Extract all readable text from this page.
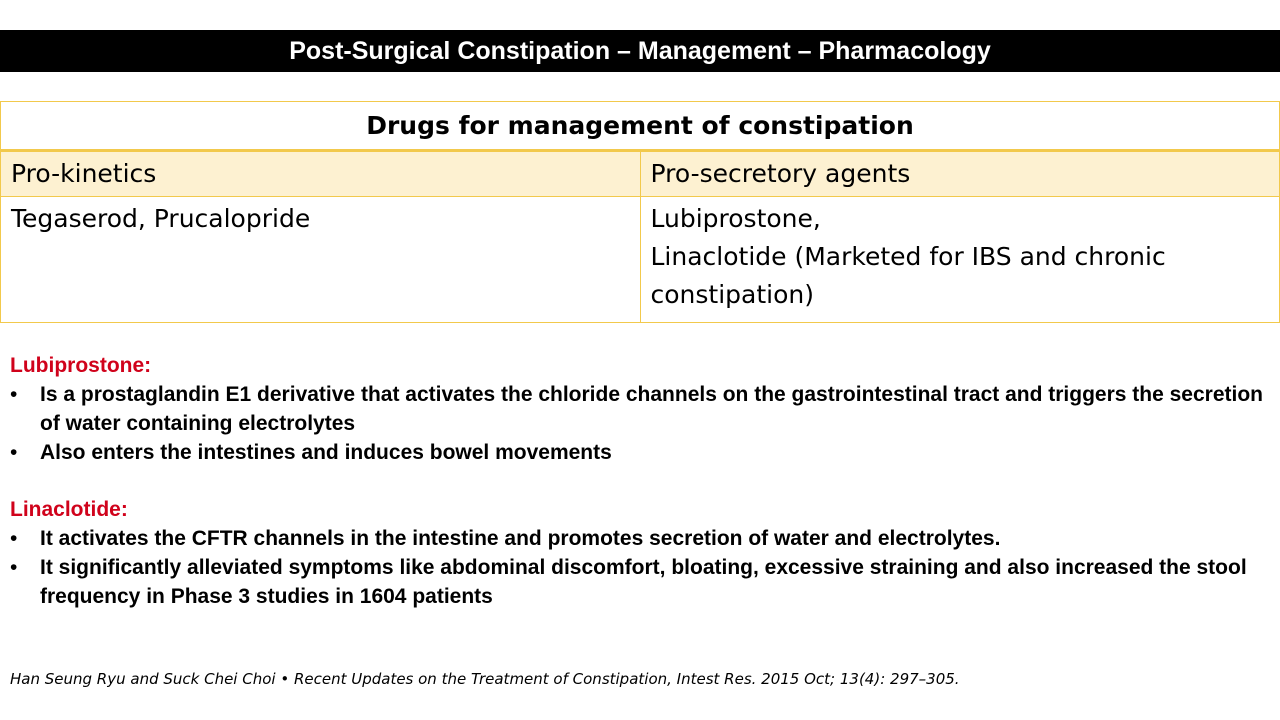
Post-Surgical Constipation – Management – Pharmacology
Drugs for management of constipation	
Pro-kinetics	Pro-secretory agents
Tegaserod, Prucalopride	Lubiprostone,
Linaclotide (Marketed for IBS and chronic
constipation)
Lubiprostone:
• Is a prostaglandin E1 derivative that activates the chloride channels on the gastrointestinal tract and triggers the secretion of water containing electrolytes
• Also enters the intestines and induces bowel movements
Linaclotide:
• It activates the CFTR channels in the intestine and promotes secretion of water and electrolytes.
• It significantly alleviated symptoms like abdominal discomfort, bloating, excessive straining and also increased the stool frequency in Phase 3 studies in 1604 patients
Han Seung Ryu and Suck Chei Choi • Recent Updates on the Treatment of Constipation, Intest Res. 2015 Oct; 13(4): 297–305.
